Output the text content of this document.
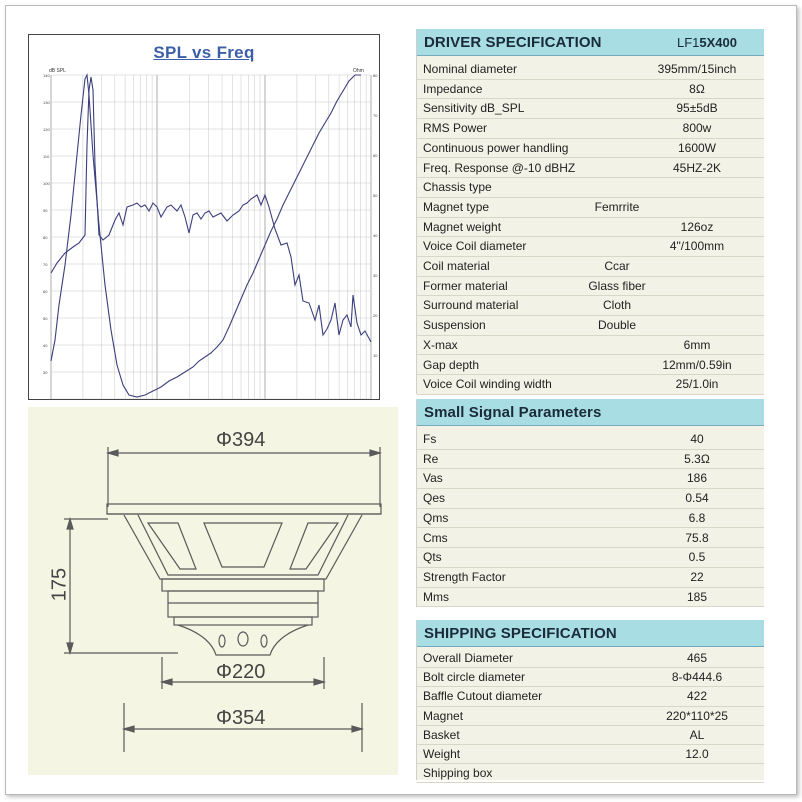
140
130
120
110
100
90
80
70
60
50
40
30
80
70
60
50
40
30
20
10
SPL vs Freq
dB SPL	Ohm
Φ394
175
Φ220
Φ354
DRIVER SPECIFICATION	LF15X400
Nominal diameter	395mm/15inch
Impedance	8Ω
Sensitivity dB_SPL	95±5dB
RMS Power	800w
Continuous power handling	1600W
Freq. Response @-10 dBHZ	45HZ-2K
Chassis type
Magnet type	Femrrite
Magnet weight	126oz
Voice Coil diameter	4"/100mm
Coil material	Ccar
Former material	Glass fiber
Surround material	Cloth
Suspension	Double
X-max	6mm
Gap depth	12mm/0.59in
Voice Coil winding width	25/1.0in
Small Signal Parameters
Fs	40
Re	5.3Ω
Vas	186
Qes	0.54
Qms	6.8
Cms	75.8
Qts	0.5
Strength Factor	22
Mms	185
SHIPPING SPECIFICATION
Overall Diameter	465
Bolt circle diameter	8-Φ444.6
Baffle Cutout diameter	422
Magnet	220*110*25
Basket	AL
Weight	12.0
Shipping box
